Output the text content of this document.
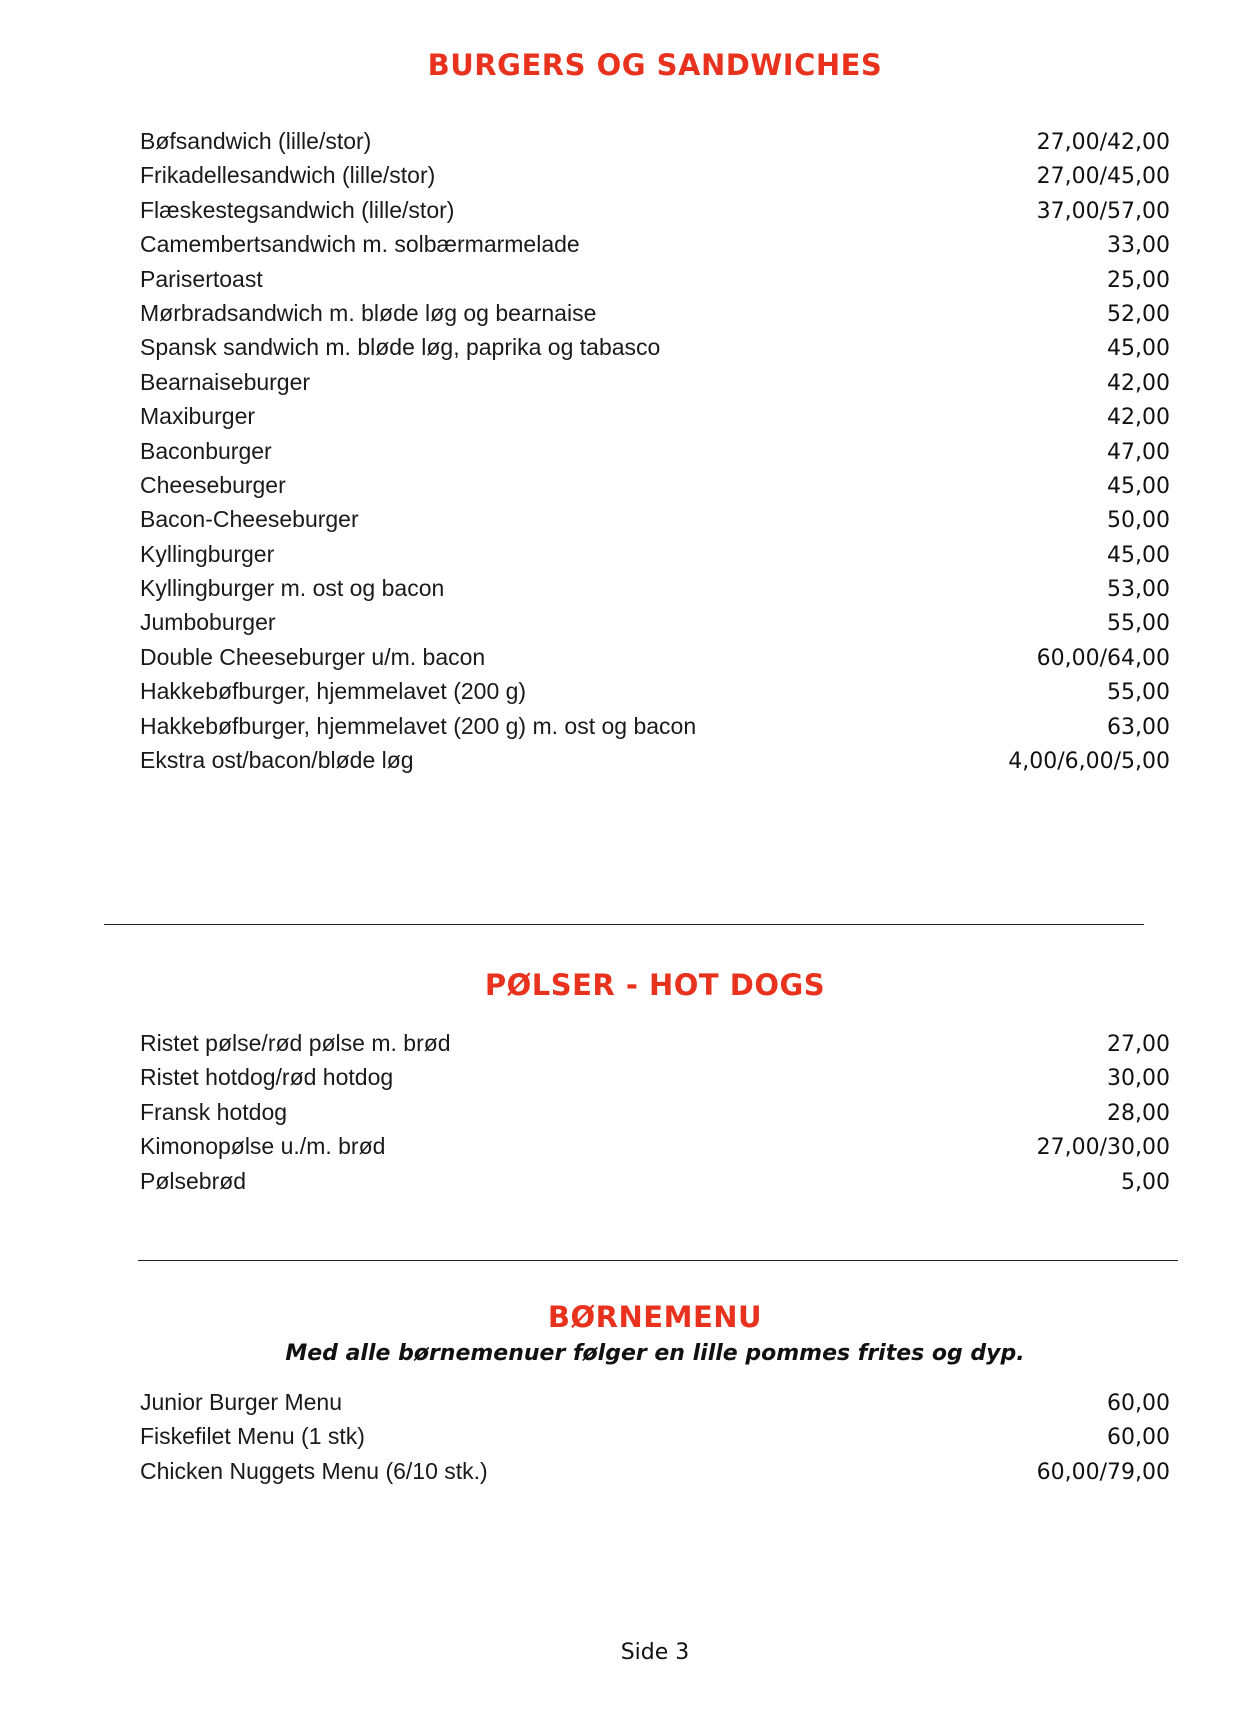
BURGERS OG SANDWICHES
Bøfsandwich (lille/stor)	27,00/42,00
Frikadellesandwich (lille/stor)	27,00/45,00
Flæskestegsandwich (lille/stor)	37,00/57,00
Camembertsandwich m. solbærmarmelade	33,00
Parisertoast	25,00
Mørbradsandwich m. bløde løg og bearnaise	52,00
Spansk sandwich m. bløde løg, paprika og tabasco	45,00
Bearnaiseburger	42,00
Maxiburger	42,00
Baconburger	47,00
Cheeseburger	45,00
Bacon-Cheeseburger	50,00
Kyllingburger	45,00
Kyllingburger m. ost og bacon	53,00
Jumboburger	55,00
Double Cheeseburger u/m. bacon	60,00/64,00
Hakkebøfburger, hjemmelavet (200 g)	55,00
Hakkebøfburger, hjemmelavet (200 g) m. ost og bacon	63,00
Ekstra ost/bacon/bløde løg	4,00/6,00/5,00
PØLSER - HOT DOGS
Ristet pølse/rød pølse m. brød	27,00
Ristet hotdog/rød hotdog	30,00
Fransk hotdog	28,00
Kimonopølse u./m. brød	27,00/30,00
Pølsebrød	5,00
BØRNEMENU

Med alle børnemenuer følger en lille pommes frites og dyp.

Junior Burger Menu	60,00
Fiskefilet Menu (1 stk)	60,00
Chicken Nuggets Menu (6/10 stk.)	60,00/79,00
Side 3
